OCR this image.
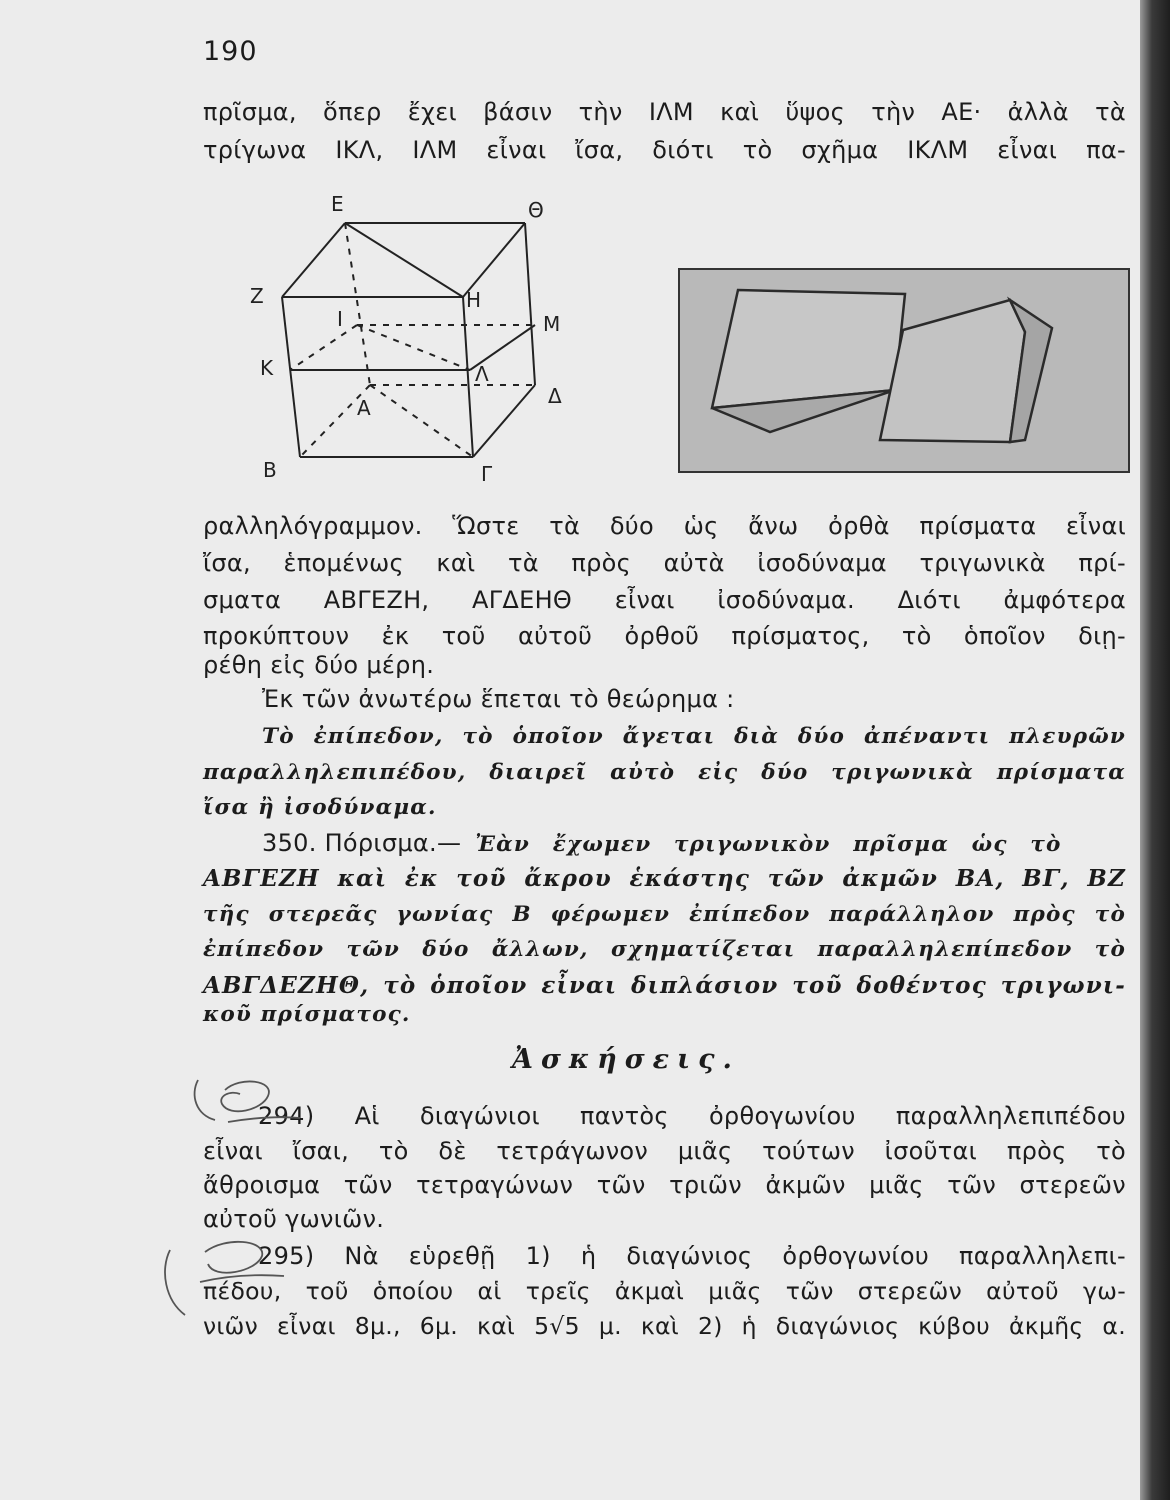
190
πρῖσμα, ὅπερ ἔχει βάσιν τὴν ΙΛΜ καὶ ὕψος τὴν ΑΕ· ἀλλὰ τὰ
τρίγωνα ΙΚΛ, ΙΛΜ εἶναι ἴσα, διότι τὸ σχῆμα ΙΚΛΜ εἶναι πα-
Ε	Θ
Ζ	Η
Ι	Μ
Κ	Λ
Δ
Α
Β	Γ
ραλληλόγραμμον. Ὥστε τὰ δύο ὡς ἄνω ὀρθὰ πρίσματα εἶναι
ἴσα, ἑπομένως καὶ τὰ πρὸς αὐτὰ ἰσοδύναμα τριγωνικὰ πρί-
σματα ΑΒΓΕΖΗ, ΑΓΔΕΗΘ εἶναι ἰσοδύναμα. Διότι ἀμφότερα
προκύπτουν ἐκ τοῦ αὐτοῦ ὀρθοῦ πρίσματος, τὸ ὁποῖον διῃ-
ρέθη εἰς δύο μέρη.
Ἐκ τῶν ἀνωτέρω ἕπεται τὸ θεώρημα :
Τὸ ἐπίπεδον, τὸ ὁποῖον ἄγεται διὰ δύο ἀπέναντι πλευρῶν
παραλληλεπιπέδου, διαιρεῖ αὐτὸ εἰς δύο τριγωνικὰ πρίσματα
ἴσα ἢ ἰσοδύναμα.
350. Πόρισμα.— Ἐὰν ἔχωμεν τριγωνικὸν πρῖσμα ὡς τὸ
ΑΒΓΕΖΗ καὶ ἐκ τοῦ ἄκρου ἑκάστης τῶν ἀκμῶν ΒΑ, ΒΓ, ΒΖ
τῆς στερεᾶς γωνίας Β φέρωμεν ἐπίπεδον παράλληλον πρὸς τὸ
ἐπίπεδον τῶν δύο ἄλλων, σχηματίζεται παραλληλεπίπεδον τὸ
ΑΒΓΔΕΖΗΘ, τὸ ὁποῖον εἶναι διπλάσιον τοῦ δοθέντος τριγωνι-
κοῦ πρίσματος.
Ἀσκήσεις.
294) Αἱ διαγώνιοι παντὸς ὀρθογωνίου παραλληλεπιπέδου
εἶναι ἴσαι, τὸ δὲ τετράγωνον μιᾶς τούτων ἰσοῦται πρὸς τὸ
ἄθροισμα τῶν τετραγώνων τῶν τριῶν ἀκμῶν μιᾶς τῶν στερεῶν
αὐτοῦ γωνιῶν.
295) Νὰ εὑρεθῇ 1) ἡ διαγώνιος ὀρθογωνίου παραλληλεπι-
πέδου, τοῦ ὁποίου αἱ τρεῖς ἀκμαὶ μιᾶς τῶν στερεῶν αὐτοῦ γω-
νιῶν εἶναι 8μ., 6μ. καὶ 5√5 μ. καὶ 2) ἡ διαγώνιος κύβου ἀκμῆς α.
